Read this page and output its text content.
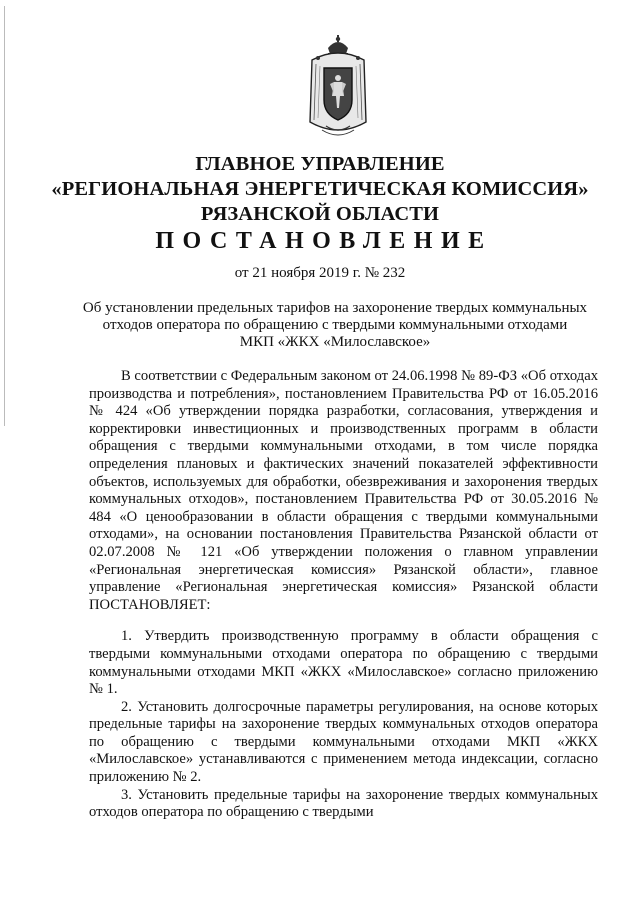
ГЛАВНОЕ УПРАВЛЕНИЕ
«РЕГИОНАЛЬНАЯ ЭНЕРГЕТИЧЕСКАЯ КОМИССИЯ»
РЯЗАНСКОЙ ОБЛАСТИ
ПОСТАНОВЛЕНИЕ
от 21 ноября 2019 г. № 232
Об установлении предельных тарифов на захоронение твердых коммунальных
отходов оператора по обращению с твердыми коммунальными отходами
МКП «ЖКХ «Милославское»

В соответствии с Федеральным законом от 24.06.1998 № 89-ФЗ «Об отходах производства и потребления», постановлением Правительства РФ от 16.05.2016 № 424 «Об утверждении порядка разработки, согласования, утверждения и корректировки инвестиционных и производственных программ в области обращения с твердыми коммунальными отходами, в том числе порядка определения плановых и фактических значений показателей эффективности объектов, используемых для обработки, обезвреживания и захоронения твердых коммунальных отходов», постановлением Правительства РФ от 30.05.2016 № 484 «О ценообразовании в области обращения с твердыми коммунальными отходами», на основании постановления Правительства Рязанской области от 02.07.2008 № 121 «Об утверждении положения о главном управлении «Региональная энергетическая комиссия» Рязанской области», главное управление «Региональная энергетическая комиссия» Рязанской области ПОСТАНОВЛЯЕТ:

1. Утвердить производственную программу в области обращения с твердыми коммунальными отходами оператора по обращению с твердыми коммунальными отходами МКП «ЖКХ «Милославское» согласно приложению № 1.

2. Установить долгосрочные параметры регулирования, на основе которых предельные тарифы на захоронение твердых коммунальных отходов оператора по обращению с твердыми коммунальными отходами МКП «ЖКХ «Милославское» устанавливаются с применением метода индексации, согласно приложению № 2.

3. Установить предельные тарифы на захоронение твердых коммунальных отходов оператора по обращению с твердыми
